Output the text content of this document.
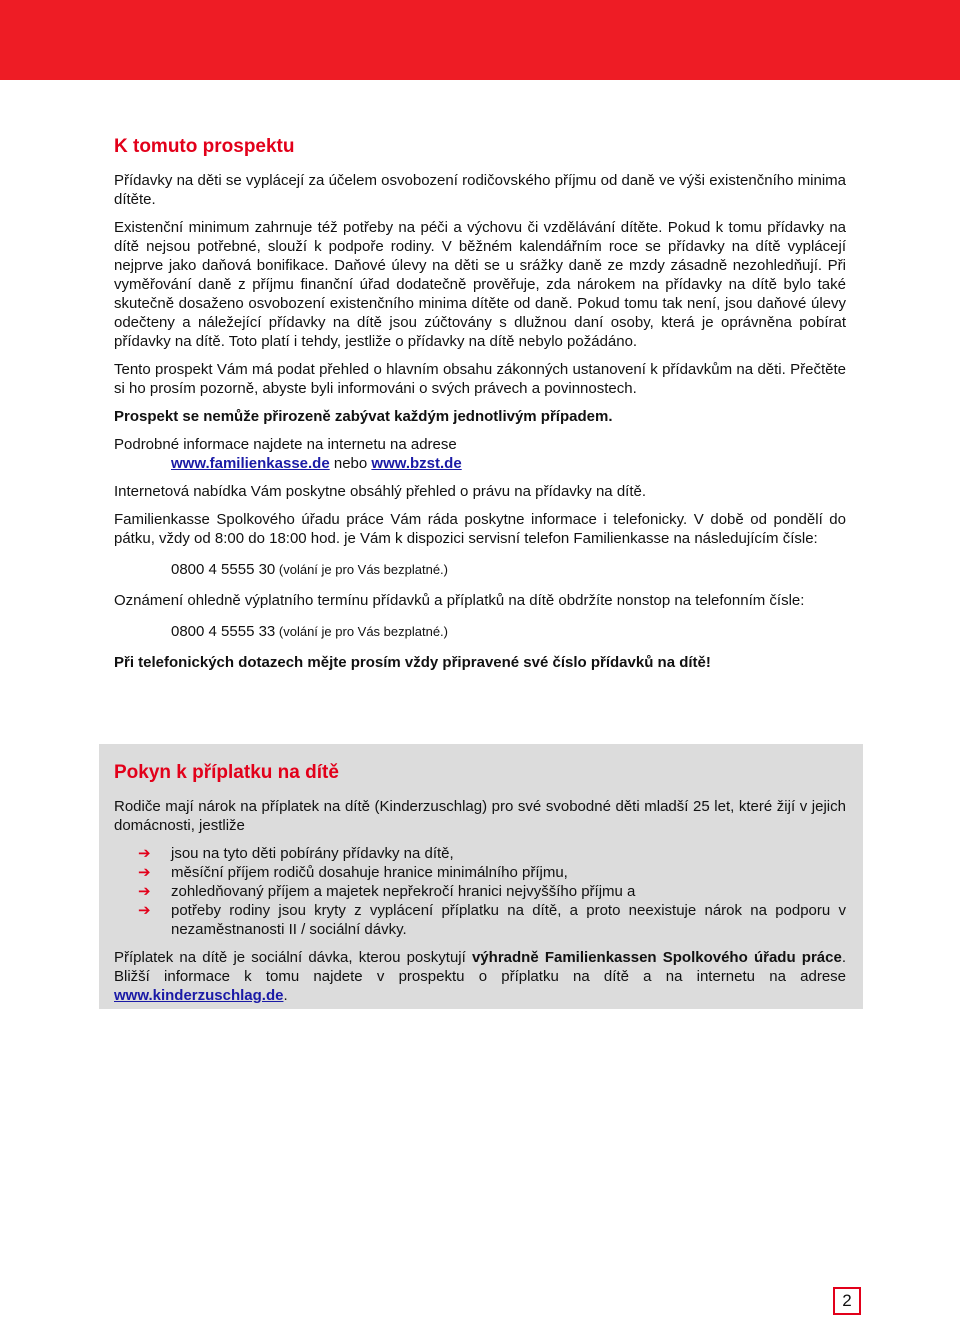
K tomuto prospektu

Přídavky na děti se vyplácejí za účelem osvobození rodičovského příjmu od daně ve výši existenčního minima dítěte.

Existenční minimum zahrnuje též potřeby na péči a výchovu či vzdělávání dítěte. Pokud k tomu přídavky na dítě nejsou potřebné, slouží k podpoře rodiny. V běžném kalendářním roce se přídavky na dítě vyplácejí nejprve jako daňová bonifikace. Daňové úlevy na děti se u srážky daně ze mzdy zásadně nezohledňují. Při vyměřování daně z příjmu finanční úřad dodatečně prověřuje, zda nárokem na přídavky na dítě bylo také skutečně dosaženo osvobození existenčního minima dítěte od daně. Pokud tomu tak není, jsou daňové úlevy odečteny a náležející přídavky na dítě jsou zúčtovány s dlužnou daní osoby, která je oprávněna pobírat přídavky na dítě. Toto platí i tehdy, jestliže o přídavky na dítě nebylo požádáno.

Tento prospekt Vám má podat přehled o hlavním obsahu zákonných ustanovení k přídavkům na děti. Přečtěte si ho prosím pozorně, abyste byli informováni o svých právech a povinnostech.

Prospekt se nemůže přirozeně zabývat každým jednotlivým případem.

Podrobné informace najdete na internetu na adrese
www.familienkasse.de nebo www.bzst.de

Internetová nabídka Vám poskytne obsáhlý přehled o právu na přídavky na dítě.

Familienkasse Spolkového úřadu práce Vám ráda poskytne informace i telefonicky. V době od pondělí do pátku, vždy od 8:00 do 18:00 hod. je Vám k dispozici servisní telefon Familienkasse na následujícím čísle:

0800 4 5555 30 (volání je pro Vás bezplatné.)

Oznámení ohledně výplatního termínu přídavků a příplatků na dítě obdržíte nonstop na telefonním čísle:

0800 4 5555 33 (volání je pro Vás bezplatné.)

Při telefonických dotazech mějte prosím vždy připravené své číslo přídavků na dítě!

Pokyn k příplatku na dítě

Rodiče mají nárok na příplatek na dítě (Kinderzuschlag) pro své svobodné děti mladší 25 let, které žijí v jejich domácnosti, jestliže

➔ jsou na tyto děti pobírány přídavky na dítě,
➔ měsíční příjem rodičů dosahuje hranice minimálního příjmu,
➔ zohledňovaný příjem a majetek nepřekročí hranici nejvyššího příjmu a
➔ potřeby rodiny jsou kryty z vyplácení příplatku na dítě, a proto neexistuje nárok na podporu v nezaměstnanosti II / sociální dávky.

Příplatek na dítě je sociální dávka, kterou poskytují výhradně Familienkassen Spolkového úřadu práce. Bližší informace k tomu najdete v prospektu o příplatku na dítě a na internetu na adrese www.kinderzuschlag.de.

2
